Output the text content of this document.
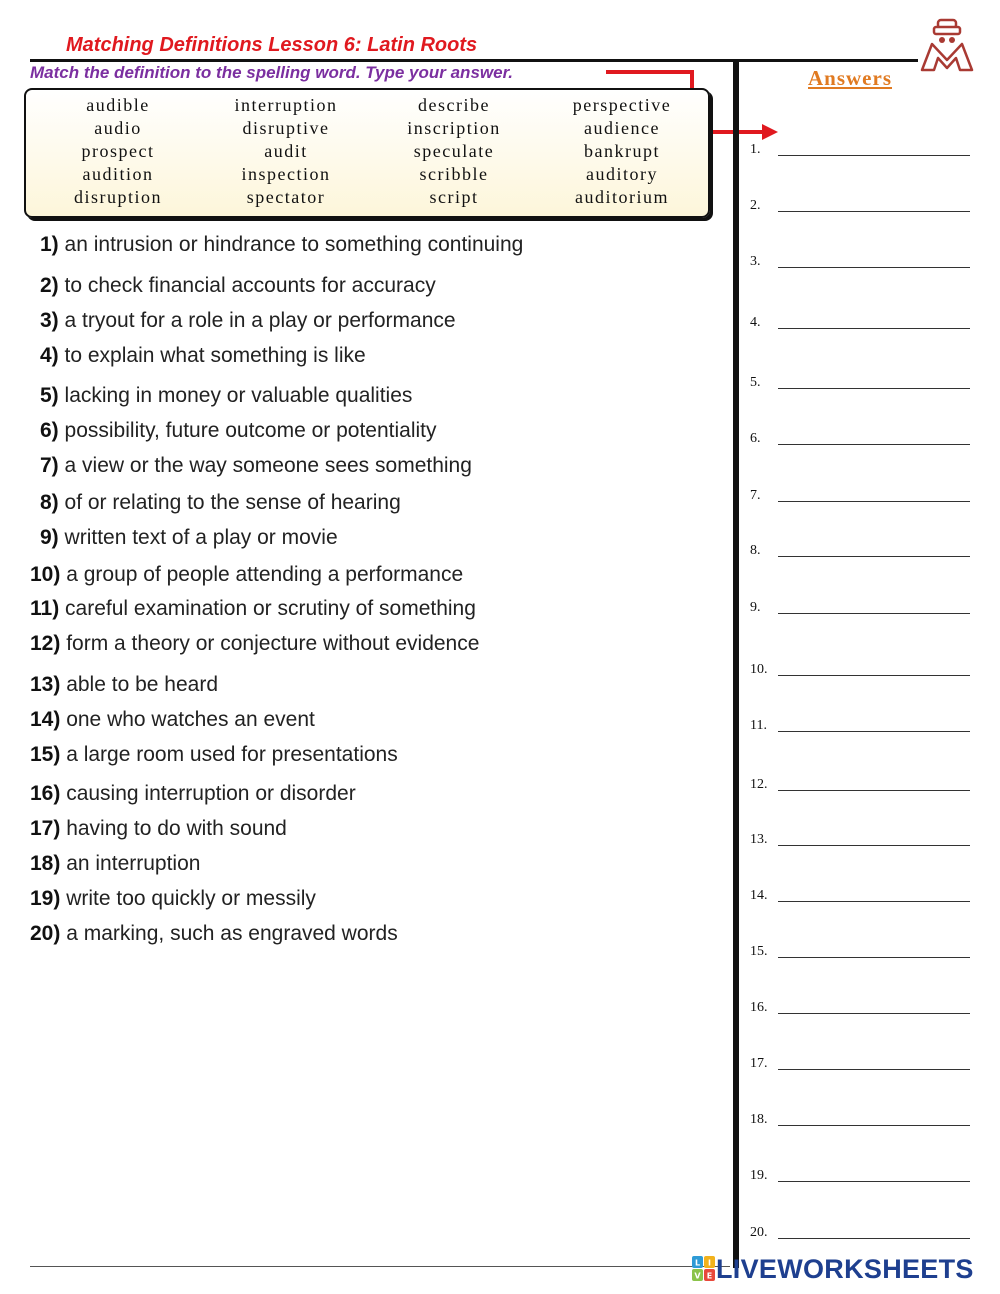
Matching Definitions Lesson 6: Latin Roots
Match the definition to the spelling word. Type your answer.	Answers
audible
audio
prospect
audition
disruption
interruption
disruptive
audit
inspection
spectator
describe
inscription
speculate
scribble
script
perspective
audience
bankrupt
auditory
auditorium
1) an intrusion or hindrance to something continuing
2) to check financial accounts for accuracy
3) a tryout for a role in a play or performance
4) to explain what something is like
5) lacking in money or valuable qualities
6) possibility, future outcome or potentiality
7) a view or the way someone sees something
8) of or relating to the sense of hearing
9) written text of a play or movie
10) a group of people attending a performance
11) careful examination or scrutiny of something
12) form a theory or conjecture without evidence
13) able to be heard
14) one who watches an event
15) a large room used for presentations
16) causing interruption or disorder
17) having to do with sound
18) an interruption
19) write too quickly or messily
20) a marking, such as engraved words
1.
2.
3.
4.
5.
6.
7.
8.
9.
10.
11.
12.
13.
14.
15.
16.
17.
18.
19.
20.
L I
V E LIVEWORKSHEETS
